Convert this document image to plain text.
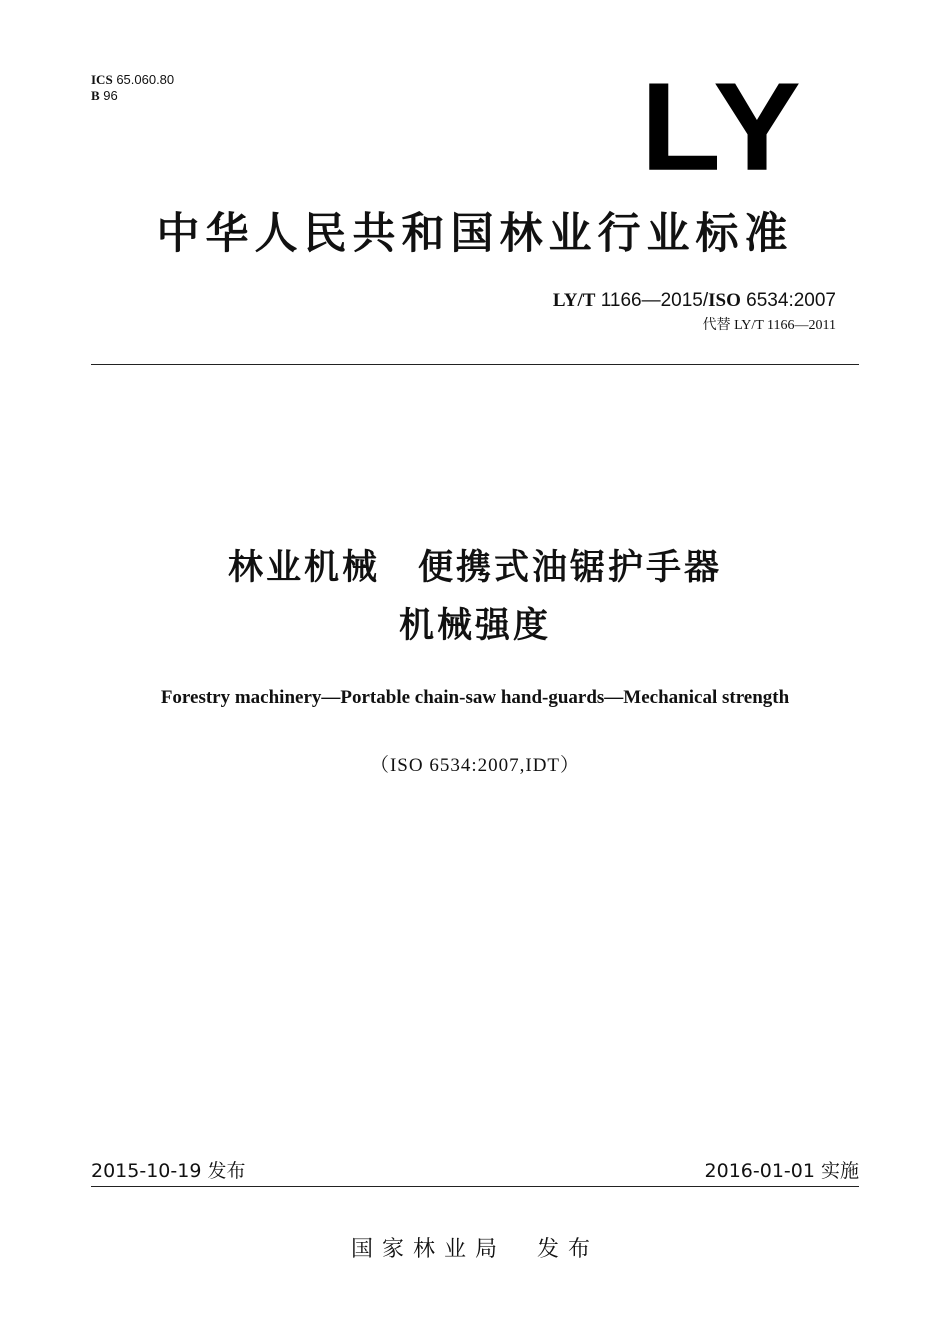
ICS 65.060.80
B 96	LY
中华人民共和国林业行业标准
LY/T 1166—2015/ISO 6534:2007
代替 LY/T 1166—2011
林业机械　便携式油锯护手器
机械强度
Forestry machinery—Portable chain-saw hand-guards—Mechanical strength
（ISO 6534:2007,IDT）
2015-10-19 发布	2016-01-01 实施
国家林业局　发布
